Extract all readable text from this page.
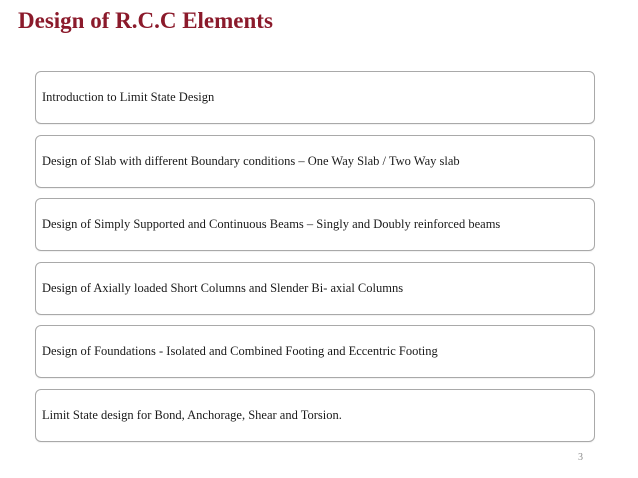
Design of R.C.C Elements
Introduction to Limit State Design
Design of Slab with different Boundary conditions – One Way Slab / Two Way slab
Design of Simply Supported and Continuous Beams – Singly and Doubly reinforced beams
Design of Axially loaded Short Columns and Slender Bi- axial Columns
Design of Foundations - Isolated and Combined Footing and Eccentric Footing
Limit State design for Bond, Anchorage, Shear and Torsion.
3
